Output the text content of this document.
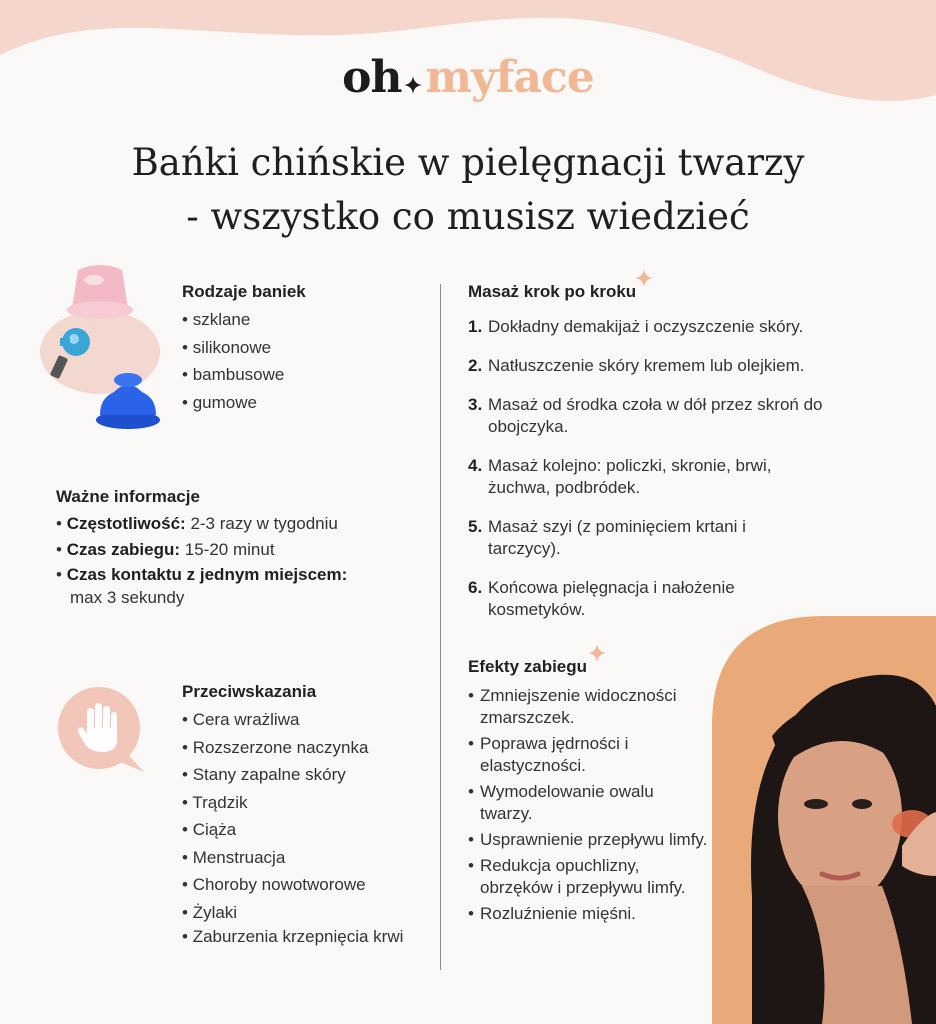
oh myface
Bańki chińskie w pielęgnacji twarzy
- wszystko co musisz wiedzieć
Rodzaje baniek
• szklane
• silikonowe
• bambusowe
• gumowe
Ważne informacje
• Częstotliwość: 2-3 razy w tygodniu
• Czas zabiegu: 15-20 minut
• Czas kontaktu z jednym miejscem:
max 3 sekundy
Przeciwskazania
• Cera wrażliwa
• Rozszerzone naczynka
• Stany zapalne skóry
• Trądzik
• Ciąża
• Menstruacja
• Choroby nowotworowe
• Żylaki
• Zaburzenia krzepnięcia krwi
Masaż krok po kroku
1. Dokładny demakijaż i oczyszczenie skóry.
2. Natłuszczenie skóry kremem lub olejkiem.
3. Masaż od środka czoła w dół przez skroń do obojczyka.
4. Masaż kolejno: policzki, skronie, brwi, żuchwa, podbródek.
5. Masaż szyi (z pominięciem krtani i tarczycy).
6. Końcowa pielęgnacja i nałożenie kosmetyków.
Efekty zabiegu
• Zmniejszenie widoczności zmarszczek.
• Poprawa jędrności i elastyczności.
• Wymodelowanie owalu twarzy.
• Usprawnienie przepływu limfy.
• Redukcja opuchlizny, obrzęków i przepływu limfy.
• Rozluźnienie mięśni.
